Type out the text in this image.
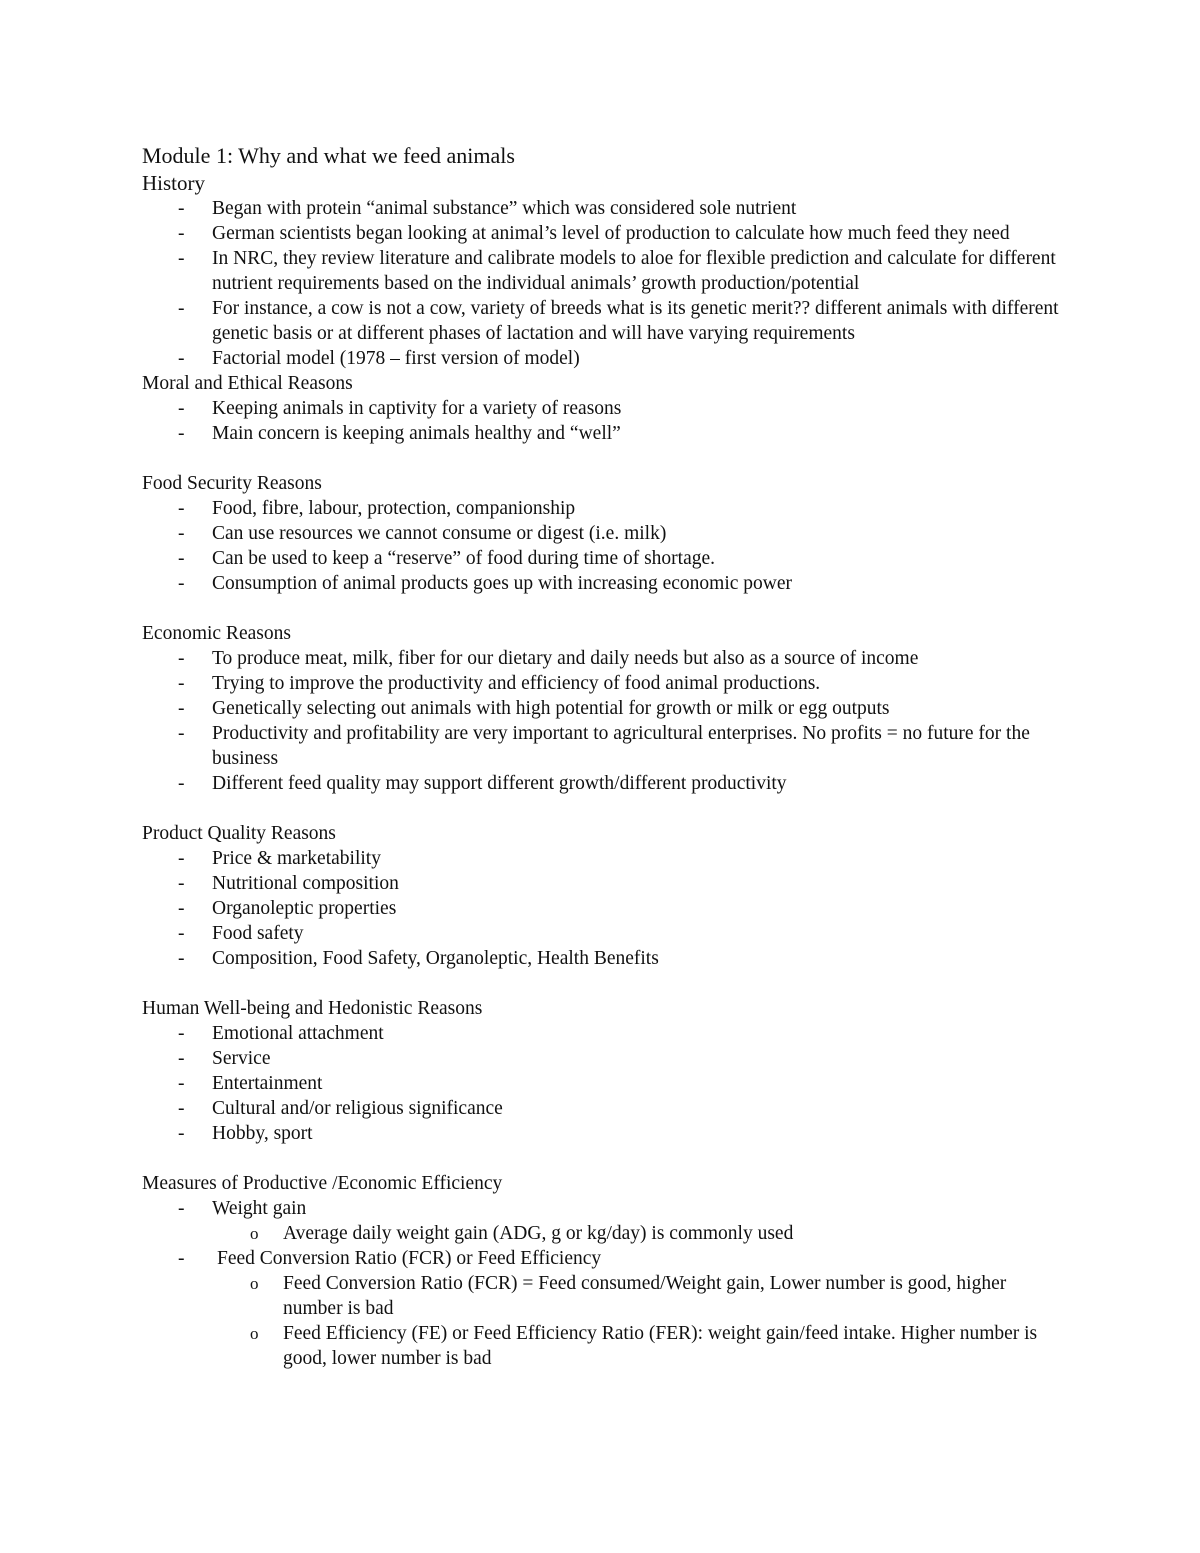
Module 1: Why and what we feed animals
History
- Began with protein “animal substance” which was considered sole nutrient
- German scientists began looking at animal’s level of production to calculate how much feed they need
- In NRC, they review literature and calibrate models to aloe for flexible prediction and calculate for different nutrient requirements based on the individual animals’ growth production/potential
- For instance, a cow is not a cow, variety of breeds what is its genetic merit?? different animals with different genetic basis or at different phases of lactation and will have varying requirements
- Factorial model (1978 – first version of model)
Moral and Ethical Reasons
- Keeping animals in captivity for a variety of reasons
- Main concern is keeping animals healthy and “well”
Food Security Reasons
- Food, fibre, labour, protection, companionship
- Can use resources we cannot consume or digest (i.e. milk)
- Can be used to keep a “reserve” of food during time of shortage.
- Consumption of animal products goes up with increasing economic power
Economic Reasons
- To produce meat, milk, fiber for our dietary and daily needs but also as a source of income
- Trying to improve the productivity and efficiency of food animal productions.
- Genetically selecting out animals with high potential for growth or milk or egg outputs
- Productivity and profitability are very important to agricultural enterprises. No profits = no future for the business
- Different feed quality may support different growth/different productivity
Product Quality Reasons
- Price & marketability
- Nutritional composition
- Organoleptic properties
- Food safety
- Composition, Food Safety, Organoleptic, Health Benefits
Human Well-being and Hedonistic Reasons
- Emotional attachment
- Service
- Entertainment
- Cultural and/or religious significance
- Hobby, sport
Measures of Productive /Economic Efficiency
- Weight gain
o Average daily weight gain (ADG, g or kg/day) is commonly used
- Feed Conversion Ratio (FCR) or Feed Efficiency
o Feed Conversion Ratio (FCR) = Feed consumed/Weight gain, Lower number is good, higher number is bad
o Feed Efficiency (FE) or Feed Efficiency Ratio (FER): weight gain/feed intake. Higher number is good, lower number is bad
